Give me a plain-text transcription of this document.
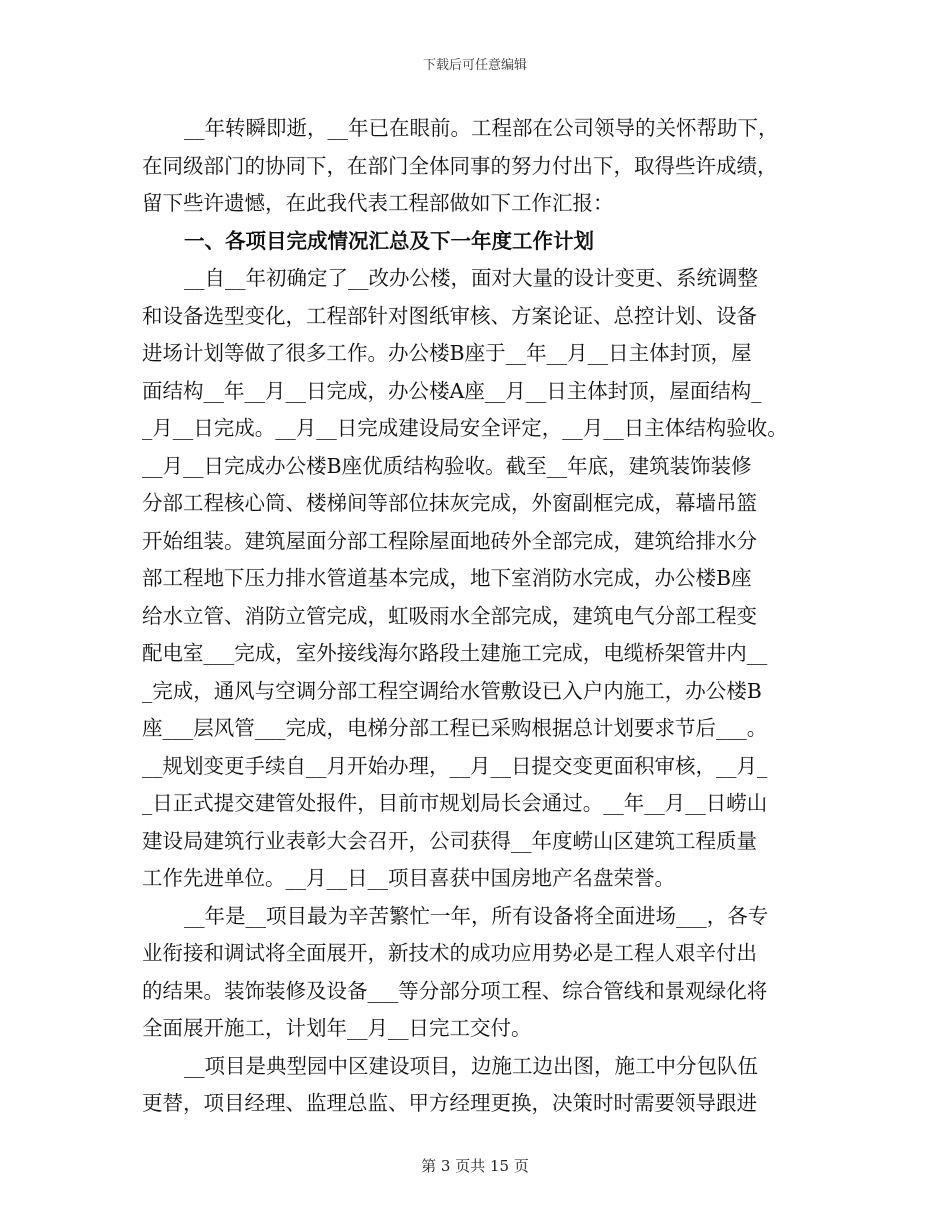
下载后可任意编辑
__年转瞬即逝，__年已在眼前。工程部在公司领导的关怀帮助下，
在同级部门的协同下，在部门全体同事的努力付出下，取得些许成绩，
留下些许遗憾，在此我代表工程部做如下工作汇报：
一、各项目完成情况汇总及下一年度工作计划
__自__年初确定了__改办公楼，面对大量的设计变更、系统调整
和设备选型变化，工程部针对图纸审核、方案论证、总控计划、设备
进场计划等做了很多工作。办公楼B座于__年__月__日主体封顶，屋
面结构__年__月__日完成，办公楼A座__月__日主体封顶，屋面结构_
_月__日完成。__月__日完成建设局安全评定，__月__日主体结构验收。
__月__日完成办公楼B座优质结构验收。截至__年底，建筑装饰装修
分部工程核心筒、楼梯间等部位抹灰完成，外窗副框完成，幕墙吊篮
开始组装。建筑屋面分部工程除屋面地砖外全部完成，建筑给排水分
部工程地下压力排水管道基本完成，地下室消防水完成，办公楼B座
给水立管、消防立管完成，虹吸雨水全部完成，建筑电气分部工程变
配电室___完成，室外接线海尔路段土建施工完成，电缆桥架管井内__
_完成，通风与空调分部工程空调给水管敷设已入户内施工，办公楼B
座___层风管___完成，电梯分部工程已采购根据总计划要求节后___。
__规划变更手续自__月开始办理，__月__日提交变更面积审核，__月_
_日正式提交建管处报件，目前市规划局长会通过。__年__月__日崂山
建设局建筑行业表彰大会召开，公司获得__年度崂山区建筑工程质量
工作先进单位。__月__日__项目喜获中国房地产名盘荣誉。
__年是__项目最为辛苦繁忙一年，所有设备将全面进场___，各专
业衔接和调试将全面展开，新技术的成功应用势必是工程人艰辛付出
的结果。装饰装修及设备___等分部分项工程、综合管线和景观绿化将
全面展开施工，计划年__月__日完工交付。
__项目是典型园中区建设项目，边施工边出图，施工中分包队伍
更替，项目经理、监理总监、甲方经理更换，决策时时需要领导跟进
第 3 页共 15 页
